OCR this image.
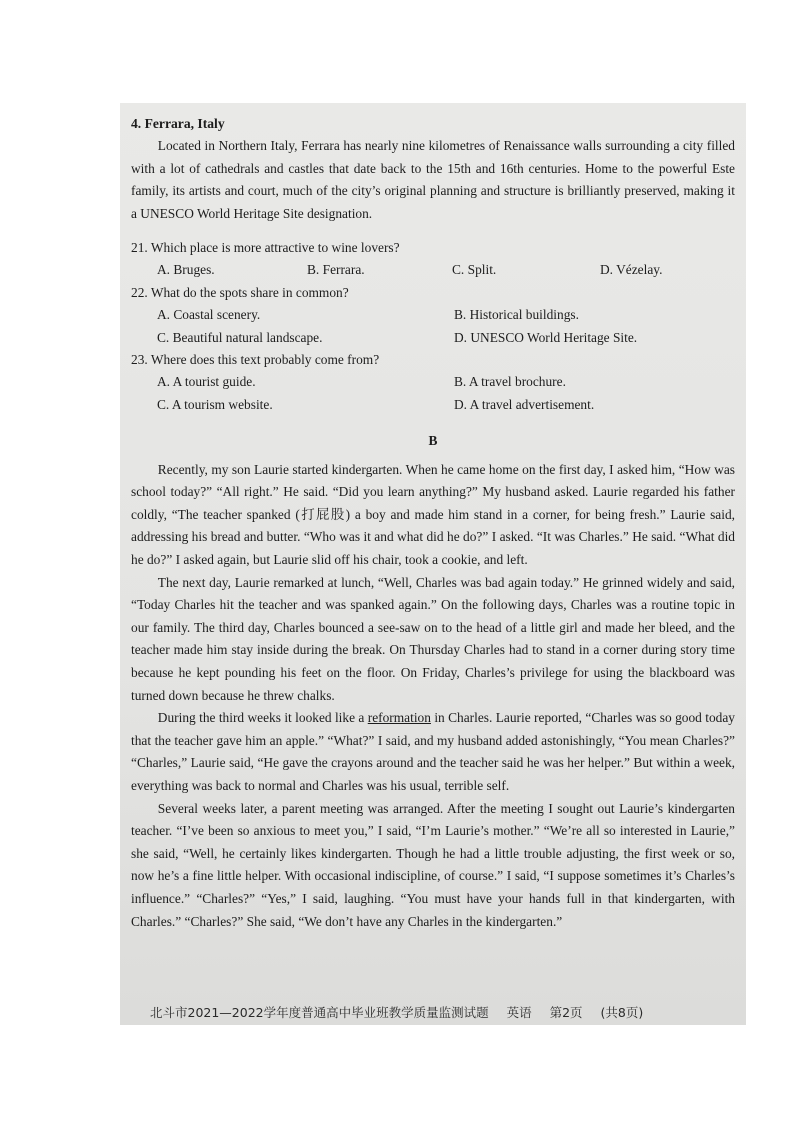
4. Ferrara, Italy

Located in Northern Italy, Ferrara has nearly nine kilometres of Renaissance walls surrounding a city filled with a lot of cathedrals and castles that date back to the 15th and 16th centuries. Home to the powerful Este family, its artists and court, much of the city’s original planning and structure is brilliantly preserved, making it a UNESCO World Heritage Site designation.

21. Which place is more attractive to wine lovers?

A. Bruges.	B. Ferrara.	C. Split.	D. Vézelay.

22. What do the spots share in common?

A. Coastal scenery.	B. Historical buildings.
C. Beautiful natural landscape.	D. UNESCO World Heritage Site.

23. Where does this text probably come from?

A. A tourist guide.	B. A travel brochure.
C. A tourism website.	D. A travel advertisement.
B

Recently, my son Laurie started kindergarten. When he came home on the first day, I asked him, “How was school today?” “All right.” He said. “Did you learn anything?” My husband asked. Laurie regarded his father coldly, “The teacher spanked (打屁股) a boy and made him stand in a corner, for being fresh.” Laurie said, addressing his bread and butter. “Who was it and what did he do?” I asked. “It was Charles.” He said. “What did he do?” I asked again, but Laurie slid off his chair, took a cookie, and left.

The next day, Laurie remarked at lunch, “Well, Charles was bad again today.” He grinned widely and said, “Today Charles hit the teacher and was spanked again.” On the following days, Charles was a routine topic in our family. The third day, Charles bounced a see-saw on to the head of a little girl and made her bleed, and the teacher made him stay inside during the break. On Thursday Charles had to stand in a corner during story time because he kept pounding his feet on the floor. On Friday, Charles’s privilege for using the blackboard was turned down because he threw chalks.

During the third weeks it looked like a reformation in Charles. Laurie reported, “Charles was so good today that the teacher gave him an apple.” “What?” I said, and my husband added astonishingly, “You mean Charles?” “Charles,” Laurie said, “He gave the crayons around and the teacher said he was her helper.” But within a week, everything was back to normal and Charles was his usual, terrible self.

Several weeks later, a parent meeting was arranged. After the meeting I sought out Laurie’s kindergarten teacher. “I’ve been so anxious to meet you,” I said, “I’m Laurie’s mother.” “We’re all so interested in Laurie,” she said, “Well, he certainly likes kindergarten. Though he had a little trouble adjusting, the first week or so, now he’s a fine little helper. With occasional indiscipline, of course.” I said, “I suppose sometimes it’s Charles’s influence.” “Charles?” “Yes,” I said, laughing. “You must have your hands full in that kindergarten, with Charles.” “Charles?” She said, “We don’t have any Charles in the kindergarten.”

北斗市2021—2022学年度普通高中毕业班教学质量监测试题 英语 第2页 (共8页)
